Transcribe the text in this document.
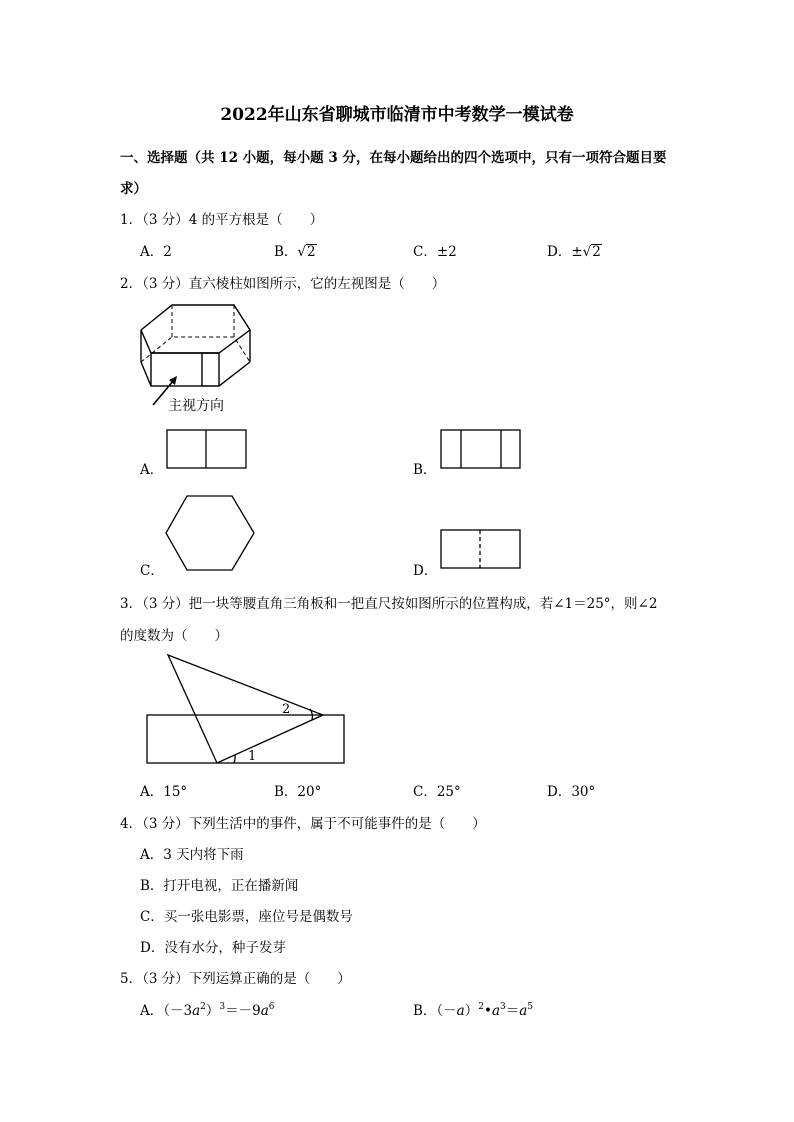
2022年山东省聊城市临清市中考数学一模试卷
一、选择题（共 12 小题，每小题 3 分，在每小题给出的四个选项中，只有一项符合题目要
求）
1．（3 分）4 的平方根是（　　）
A．2	B．√2	C．±2	D．±√2
2．（3 分）直六棱柱如图所示，它的左视图是（　　）
主视方向
A．	B．
C．	D．
3．（3 分）把一块等腰直角三角板和一把直尺按如图所示的位置构成，若∠1＝25°，则∠2
的度数为（　　）
2
1
A．15°	B．20°	C．25°	D．30°
4．（3 分）下列生活中的事件，属于不可能事件的是（　　）
A．3 天内将下雨
B．打开电视，正在播新闻
C．买一张电影票，座位号是偶数号
D．没有水分，种子发芽
5．（3 分）下列运算正确的是（　　）
A．$(-3a^2)^3=-9a^6$	B．$(-a)^2•a^3=a^5$
